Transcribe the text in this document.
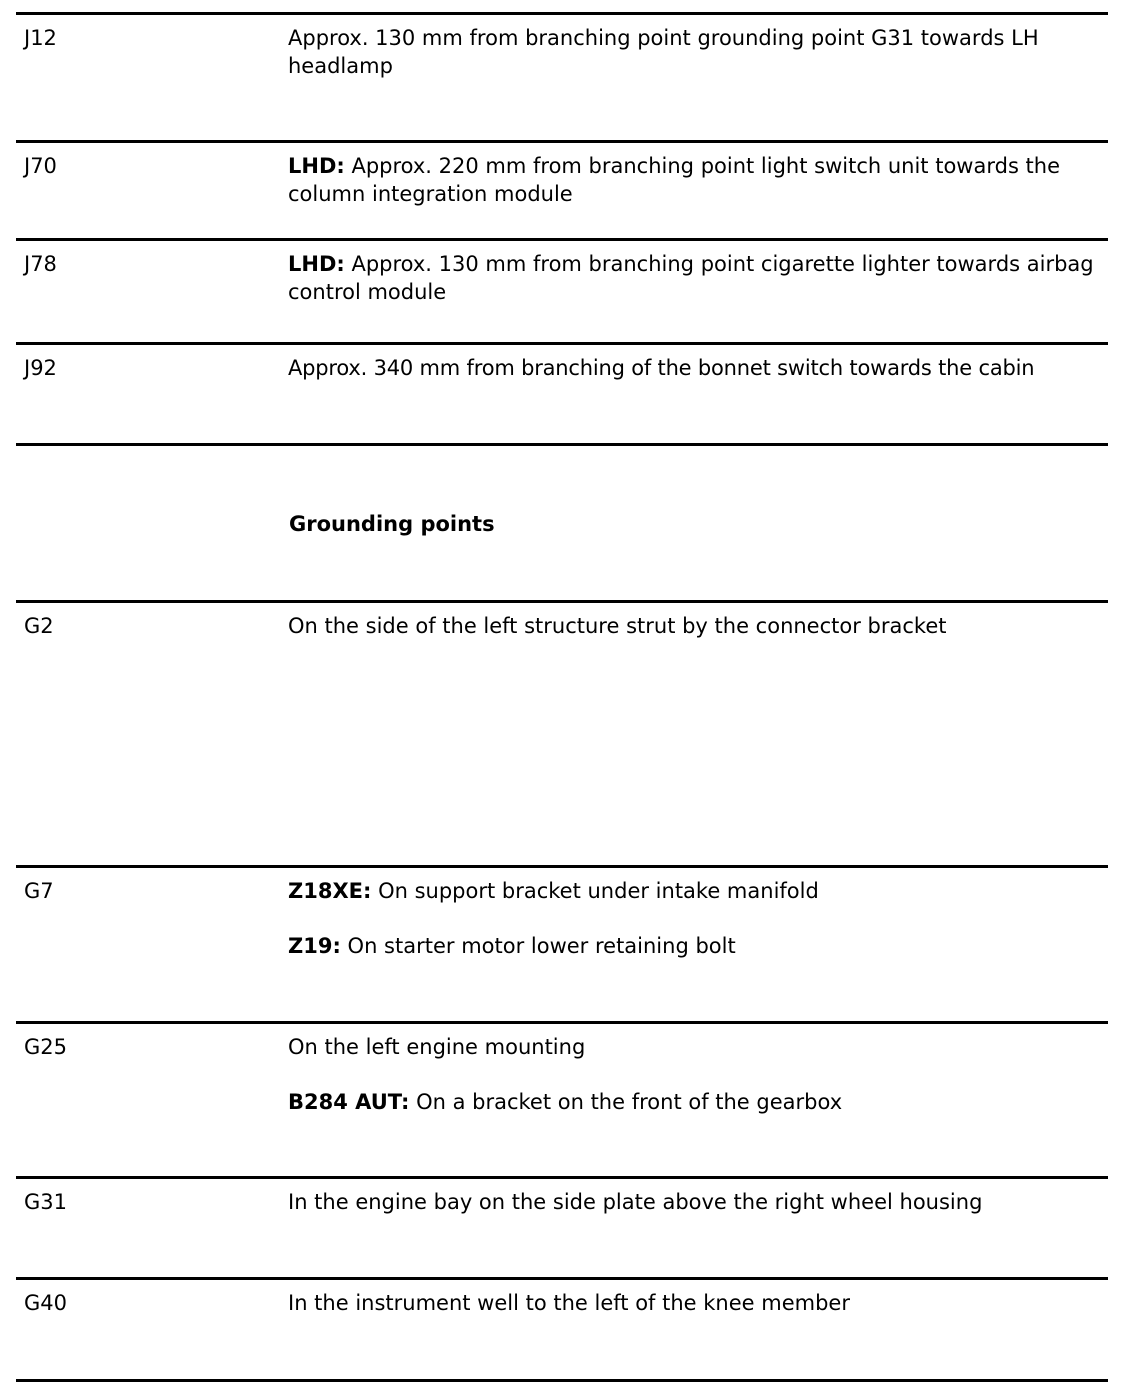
J12	Approx. 130 mm from branching point grounding point G31 towards LH headlamp
J70	LHD: Approx. 220 mm from branching point light switch unit towards the column integration module
J78	LHD: Approx. 130 mm from branching point cigarette lighter towards airbag control module
J92	Approx. 340 mm from branching of the bonnet switch towards the cabin
Grounding points
G2	On the side of the left structure strut by the connector bracket
G7	Z18XE: On support bracket under intake manifold
Z19: On starter motor lower retaining bolt
G25	On the left engine mounting
B284 AUT: On a bracket on the front of the gearbox
G31	In the engine bay on the side plate above the right wheel housing
G40	In the instrument well to the left of the knee member
